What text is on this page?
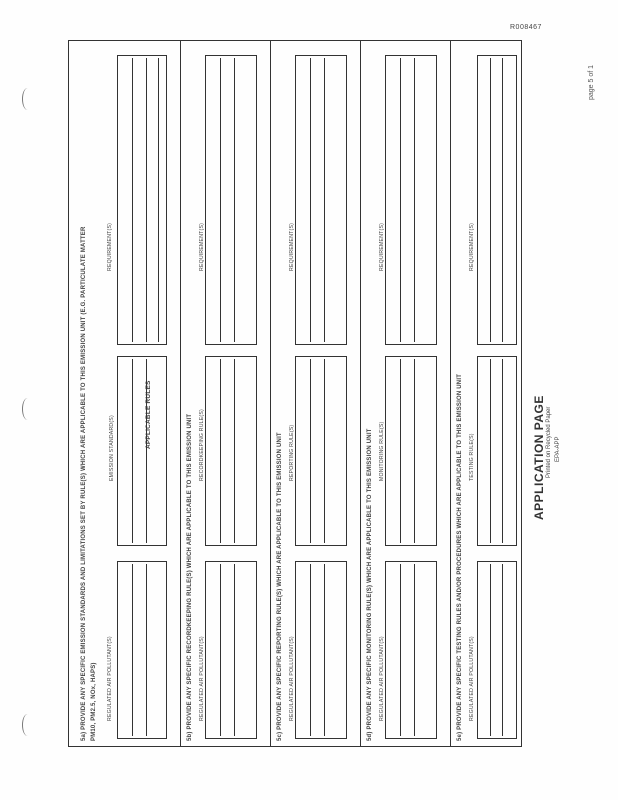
R008467
page 5 of 1
APPLICABLE RULES
5a) PROVIDE ANY SPECIFIC EMISSION STANDARDS AND LIMITATIONS SET BY RULE(S) WHICH ARE APPLICABLE TO THIS EMISSION UNIT (E.G. PARTICULATE MATTER PM10, PM2.5, NOx, HAPS) REGULATED AIR POLLUTANT(S)
EMISSION STANDARD(S)
REQUIREMENT(S)
5b) PROVIDE ANY SPECIFIC RECORDKEEPING RULE(S) WHICH ARE APPLICABLE TO THIS EMISSION UNIT REGULATED AIR POLLUTANT(S)
RECORDKEEPING RULE(S)
REQUIREMENT(S)
5c) PROVIDE ANY SPECIFIC REPORTING RULE(S) WHICH ARE APPLICABLE TO THIS EMISSION UNIT REGULATED AIR POLLUTANT(S)
REPORTING RULE(S)
REQUIREMENT(S)
5d) PROVIDE ANY SPECIFIC MONITORING RULE(S) WHICH ARE APPLICABLE TO THIS EMISSION UNIT REGULATED AIR POLLUTANT(S)
MONITORING RULE(S)
REQUIREMENT(S)
5e) PROVIDE ANY SPECIFIC TESTING RULES AND/OR PROCEDURES WHICH ARE APPLICABLE TO THIS EMISSION UNIT REGULATED AIR POLLUTANT(S)
TESTING RULE(S)
REQUIREMENT(S)
APPLICATION PAGE Printed on Recycled Paper EPA-APP
